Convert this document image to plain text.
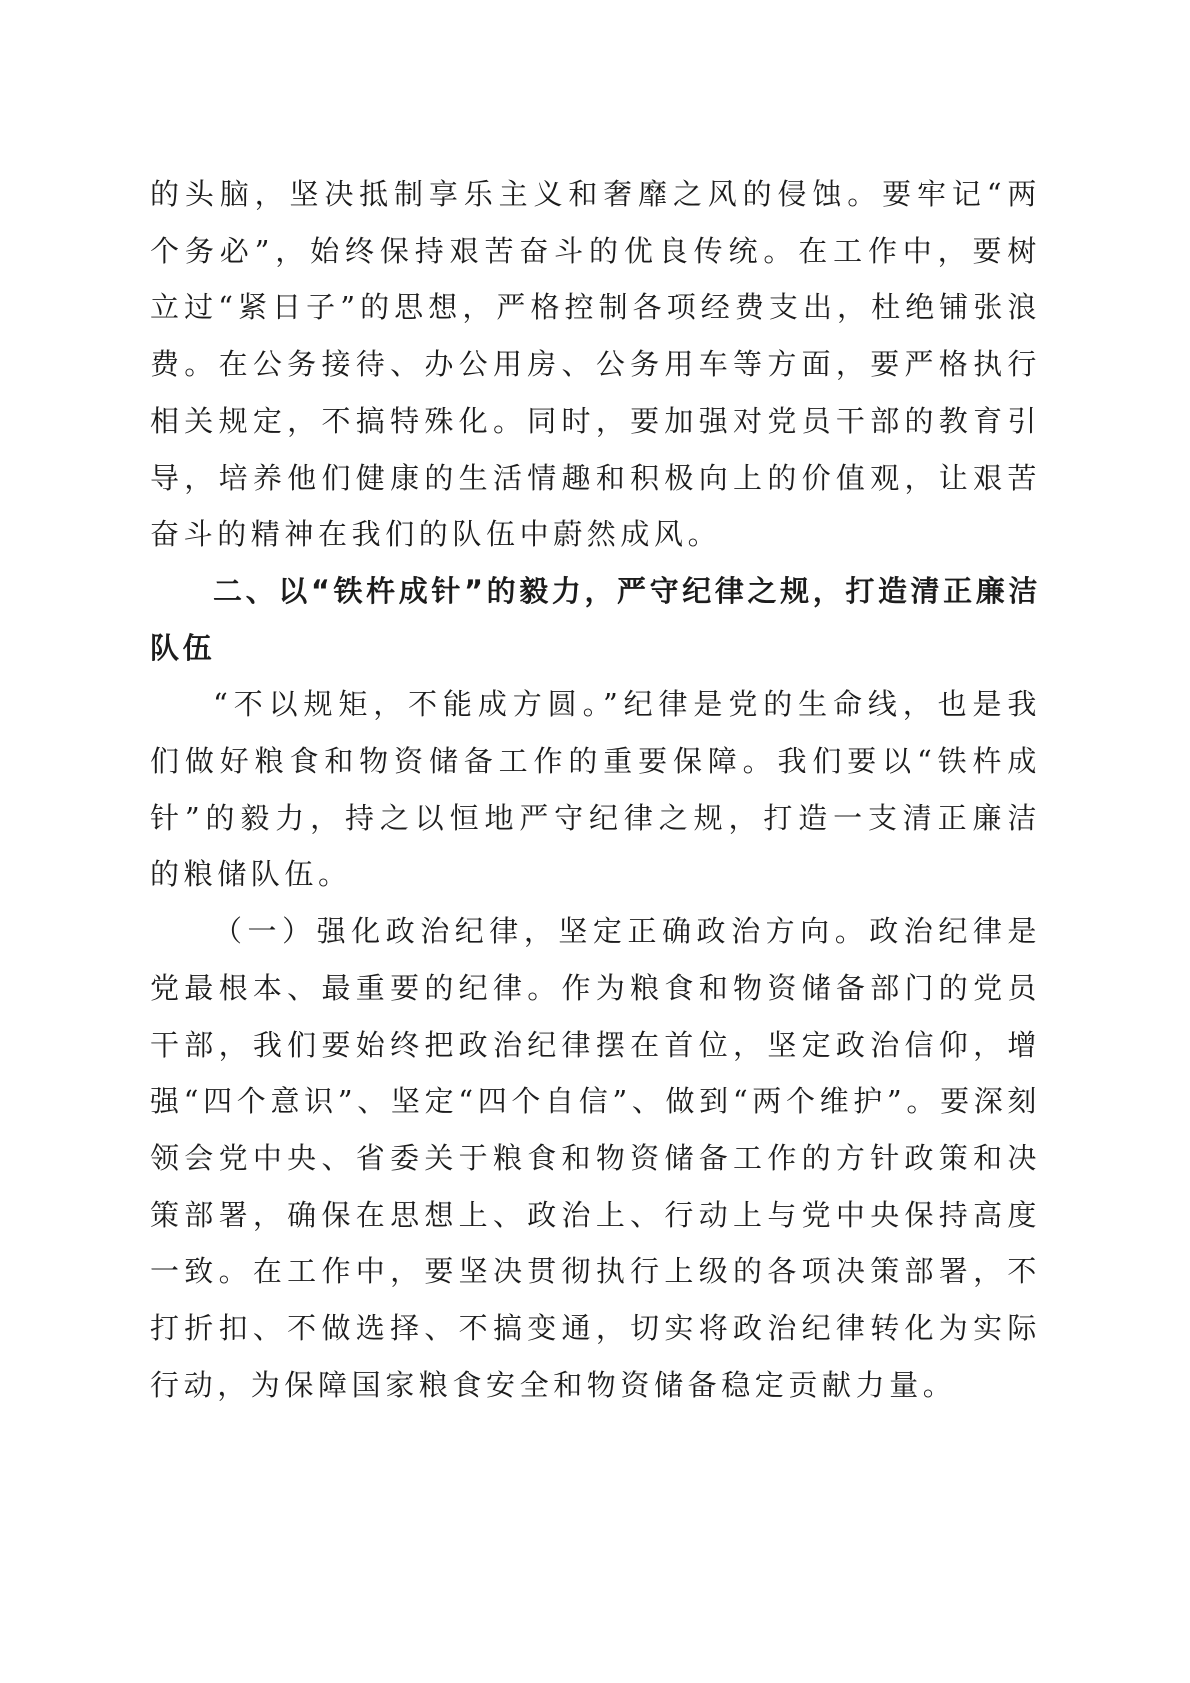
的头脑，坚决抵制享乐主义和奢靡之风的侵蚀。要牢记“两个务必”，始终保持艰苦奋斗的优良传统。在工作中，要树立过“紧日子”的思想，严格控制各项经费支出，杜绝铺张浪费。在公务接待、办公用房、公务用车等方面，要严格执行相关规定，不搞特殊化。同时，要加强对党员干部的教育引导，培养他们健康的生活情趣和积极向上的价值观，让艰苦奋斗的精神在我们的队伍中蔚然成风。

二、以“铁杵成针”的毅力，严守纪律之规，打造清正廉洁队伍

“不以规矩，不能成方圆。”纪律是党的生命线，也是我们做好粮食和物资储备工作的重要保障。我们要以“铁杵成针”的毅力，持之以恒地严守纪律之规，打造一支清正廉洁的粮储队伍。

（一）强化政治纪律，坚定正确政治方向。政治纪律是党最根本、最重要的纪律。作为粮食和物资储备部门的党员干部，我们要始终把政治纪律摆在首位，坚定政治信仰，增强“四个意识”、坚定“四个自信”、做到“两个维护”。要深刻领会党中央、省委关于粮食和物资储备工作的方针政策和决策部署，确保在思想上、政治上、行动上与党中央保持高度一致。在工作中，要坚决贯彻执行上级的各项决策部署，不打折扣、不做选择、不搞变通，切实将政治纪律转化为实际行动，为保障国家粮食安全和物资储备稳定贡献力量。
